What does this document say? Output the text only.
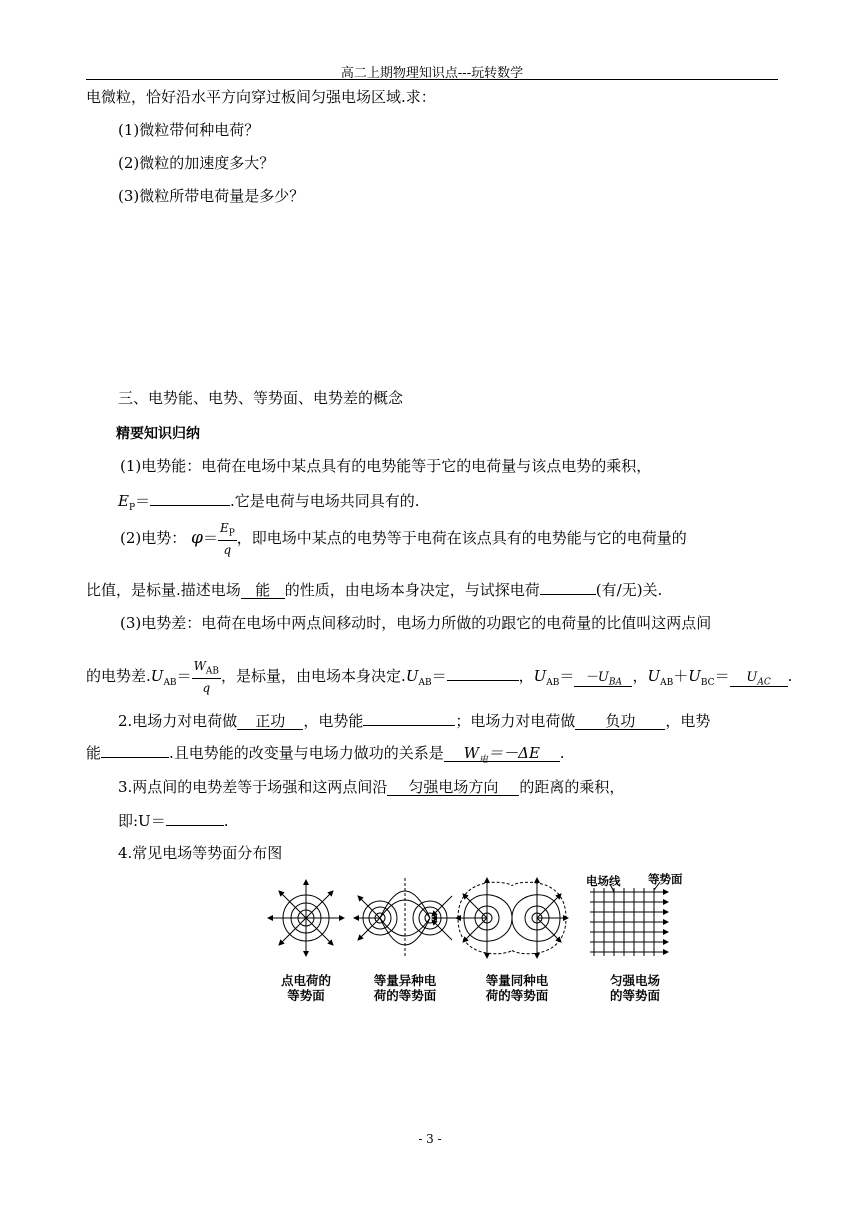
高二上期物理知识点---玩转数学
电微粒，恰好沿水平方向穿过板间匀强电场区域.求：
(1)微粒带何种电荷？
(2)微粒的加速度多大？
(3)微粒所带电荷量是多少？
三、电势能、电势、等势面、电势差的概念
精要知识归纳
(1)电势能：电荷在电场中某点具有的电势能等于它的电荷量与该点电势的乘积，
$E_P=$	.它是电荷与电场共同具有的.
(2)电势： $\varphi= \frac{E_P}{q}$ ，即电场中某点的电势等于电荷在该点具有的电势能与它的电荷量的
比值，是标量.描述电场 能 的性质，由电场本身决定，与试探电荷	(有/无)关.
(3)电势差：电荷在电场中两点间移动时，电场力所做的功跟它的电荷量的比值叫这两点间
的电势差$.U_{AB}= \frac{W_{AB}}{q}$ ，是标量，由电场本身决定$.U_{AB}=$	，$U_{AB}= -U_{BA}$ ，$U_{AB}+U_{BC}= U_{AC}$ .
2.电场力对电荷做 正功 ，电势能	；电场力对电荷做 负功 ，电势
能	.且电势能的改变量与电场力做功的关系是 $W_电=-\Delta E$ .
3.两点间的电势差等于场强和这两点间沿 匀强电场方向 的距离的乘积，
即:U＝	.
4.常见电场等势面分布图
电场线 等势面
点电荷的
等势面
等量异种电
荷的等势面
等量同种电
荷的等势面
匀强电场
的等势面
- 3 -
